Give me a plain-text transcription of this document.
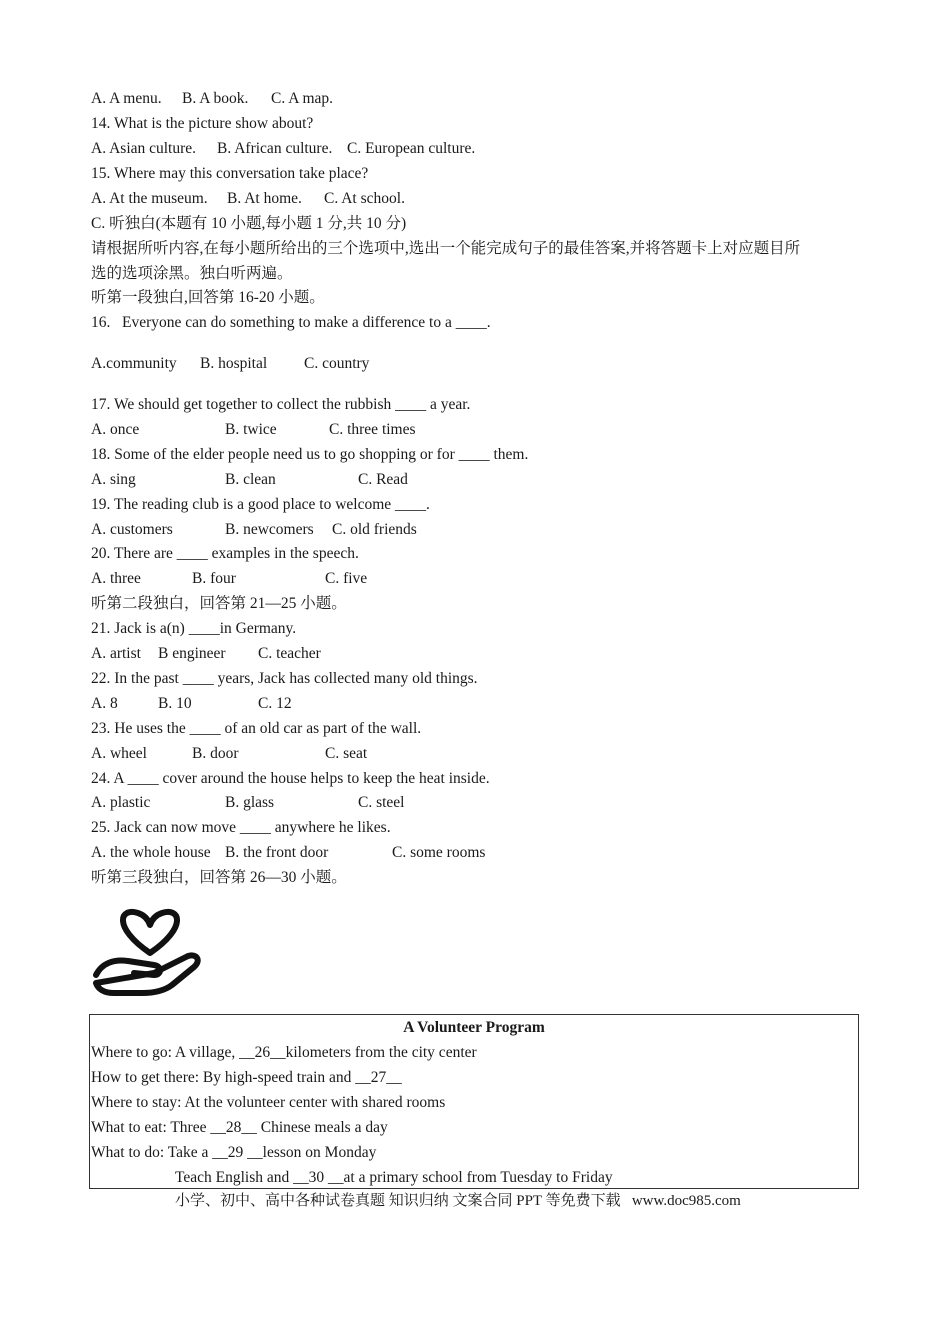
A. A menu. B. A book. C. A map.
14. What is the picture show about?
A. Asian culture. B. African culture. C. European culture.
15. Where may this conversation take place?
A. At the museum. B. At home. C. At school.
C. 听独白(本题有 10 小题,每小题 1 分,共 10 分)
请根据所听内容,在每小题所给出的三个选项中,选出一个能完成句子的最佳答案,并将答题卡上对应题目所
选的选项涂黑。独白听两遍。
听第一段独白,回答第 16-20 小题。
16.   Everyone can do something to make a difference to a ____.
A.community B. hospital C. country
17. We should get together to collect the rubbish ____ a year.
A. once	B. twice	C. three times
18. Some of the elder people need us to go shopping or for ____ them.
A. sing	B. clean	C. Read
19. The reading club is a good place to welcome ____.
A. customers	B. newcomers C. old friends
20. There are ____ examples in the speech.
A. three	B. four	C. five
听第二段独白，回答第 21—25 小题。
21. Jack is a(n) ____in Germany.
A. artist B engineer C. teacher
22. In the past ____ years, Jack has collected many old things.
A. 8	B. 10	C. 12
23. He uses the ____ of an old car as part of the wall.
A. wheel	B. door	C. seat
24. A ____ cover around the house helps to keep the heat inside.
A. plastic	B. glass	C. steel
25. Jack can now move ____ anywhere he likes.
A. the whole house B. the front door	C. some rooms
听第三段独白，回答第 26—30 小题。
A Volunteer Program
Where to go: A village, __26__kilometers from the city center
How to get there: By high-speed train and __27__
Where to stay: At the volunteer center with shared rooms
What to eat: Three __28__ Chinese meals a day
What to do: Take a __29 __lesson on Monday
Teach English and __30 __at a primary school from Tuesday to Friday
小学、初中、高中各种试卷真题 知识归纳 文案合同 PPT 等免费下载   www.doc985.com
